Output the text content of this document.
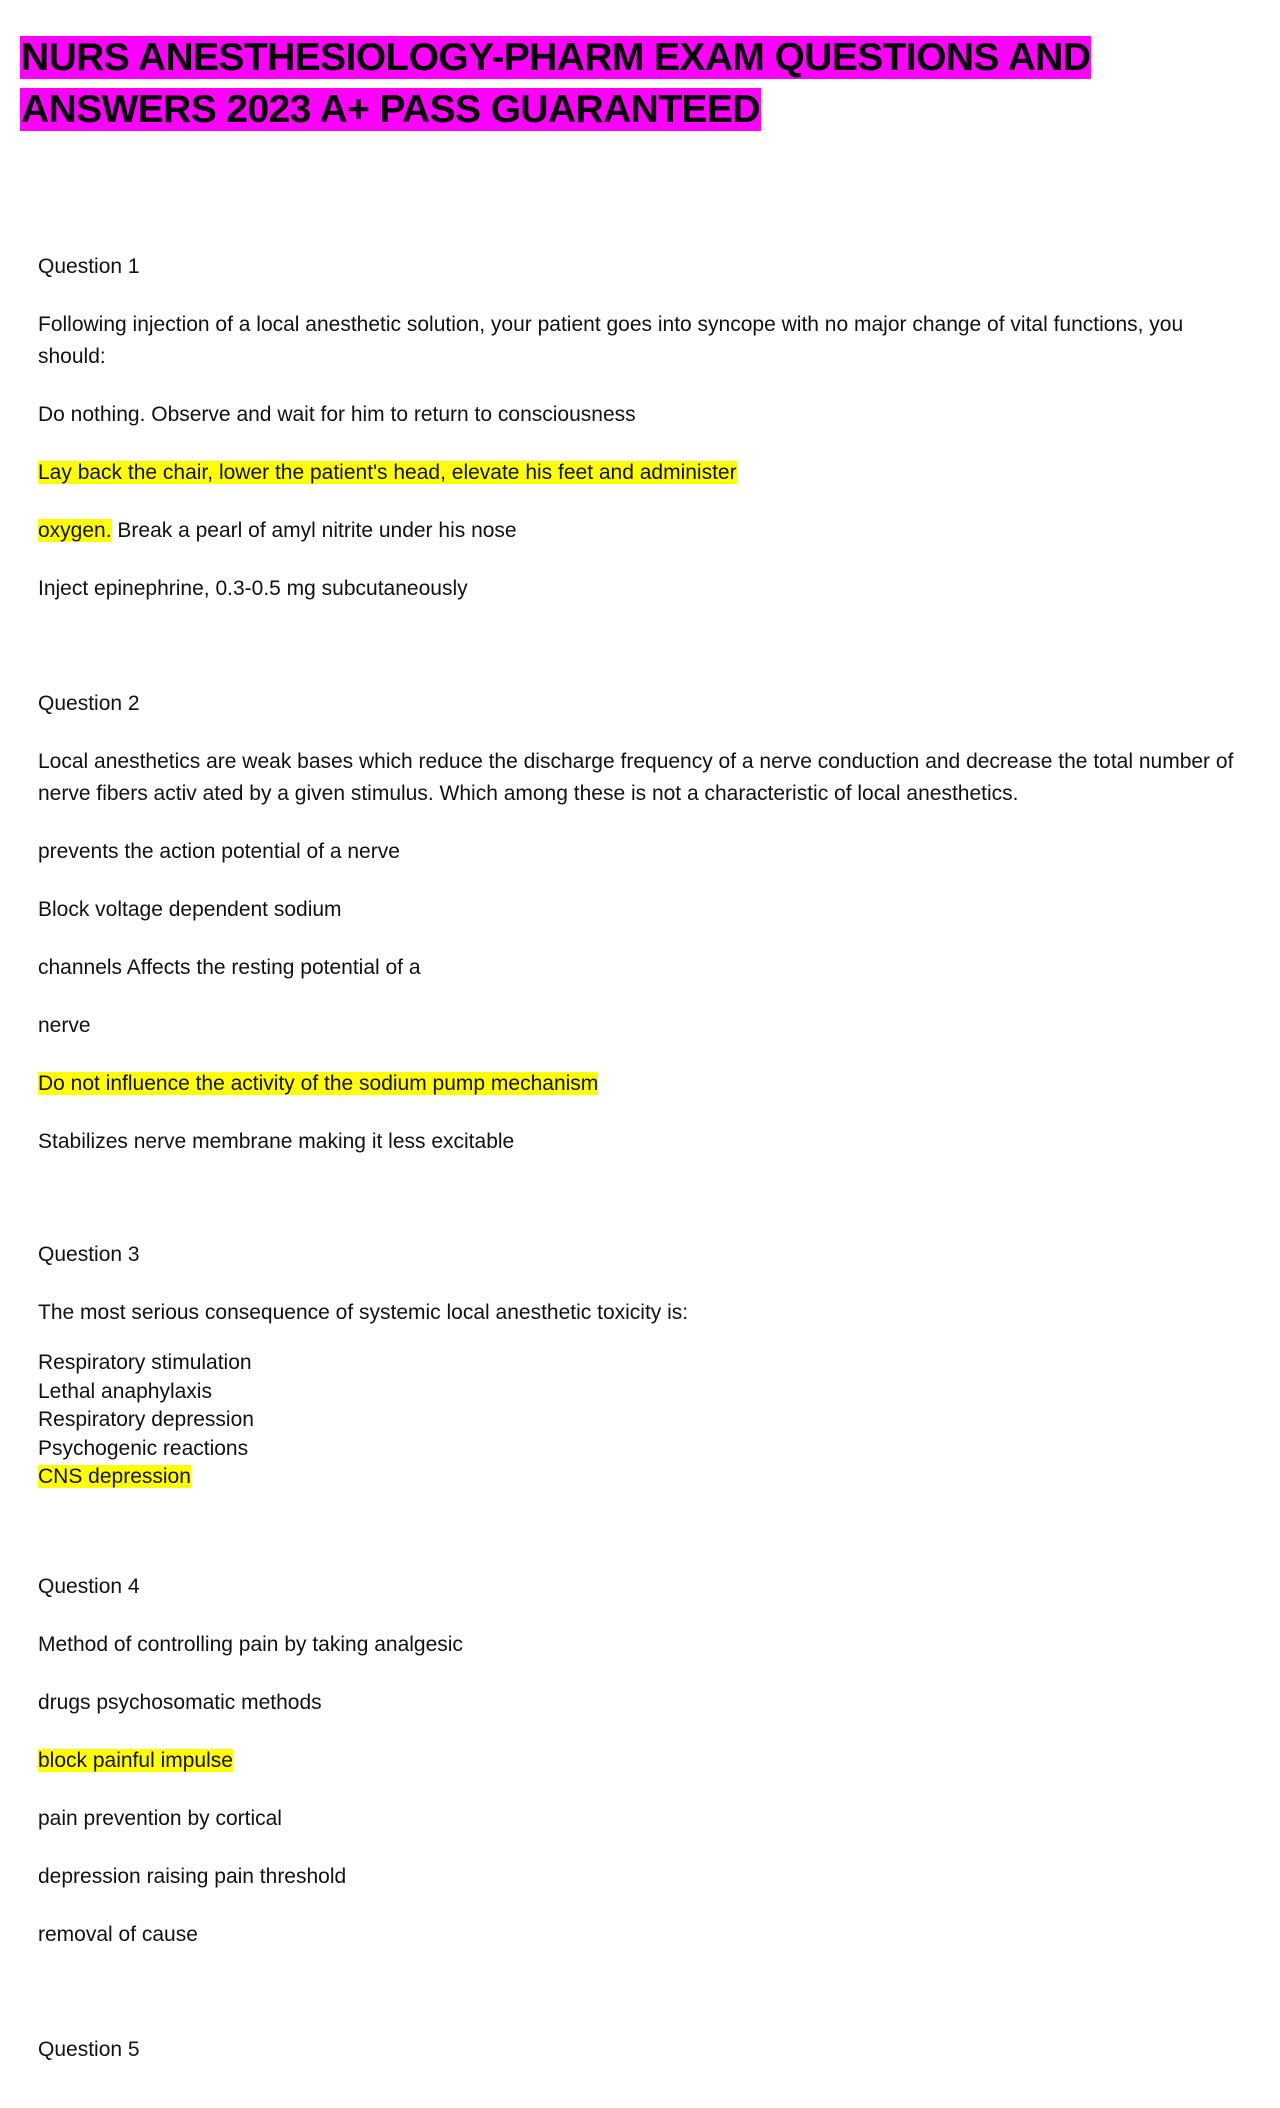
NURS ANESTHESIOLOGY-PHARM EXAM QUESTIONS AND ANSWERS 2023 A+ PASS GUARANTEED
Question 1
Following injection of a local anesthetic solution, your patient goes into syncope with no major change of vital functions, you should:
Do nothing. Observe and wait for him to return to consciousness
Lay back the chair, lower the patient's head, elevate his feet and administer
oxygen. Break a pearl of amyl nitrite under his nose
Inject epinephrine, 0.3-0.5 mg subcutaneously
Question 2
Local anesthetics are weak bases which reduce the discharge frequency of a nerve conduction and decrease the total number of nerve fibers activ ated by a given stimulus. Which among these is not a characteristic of local anesthetics.
prevents the action potential of a nerve
Block voltage dependent sodium
channels Affects the resting potential of a
nerve
Do not influence the activity of the sodium pump mechanism
Stabilizes nerve membrane making it less excitable
Question 3
The most serious consequence of systemic local anesthetic toxicity is:
Respiratory stimulation
Lethal anaphylaxis
Respiratory depression
Psychogenic reactions
CNS depression
Question 4
Method of controlling pain by taking analgesic
drugs psychosomatic methods
block painful impulse
pain prevention by cortical
depression raising pain threshold
removal of cause
Question 5
